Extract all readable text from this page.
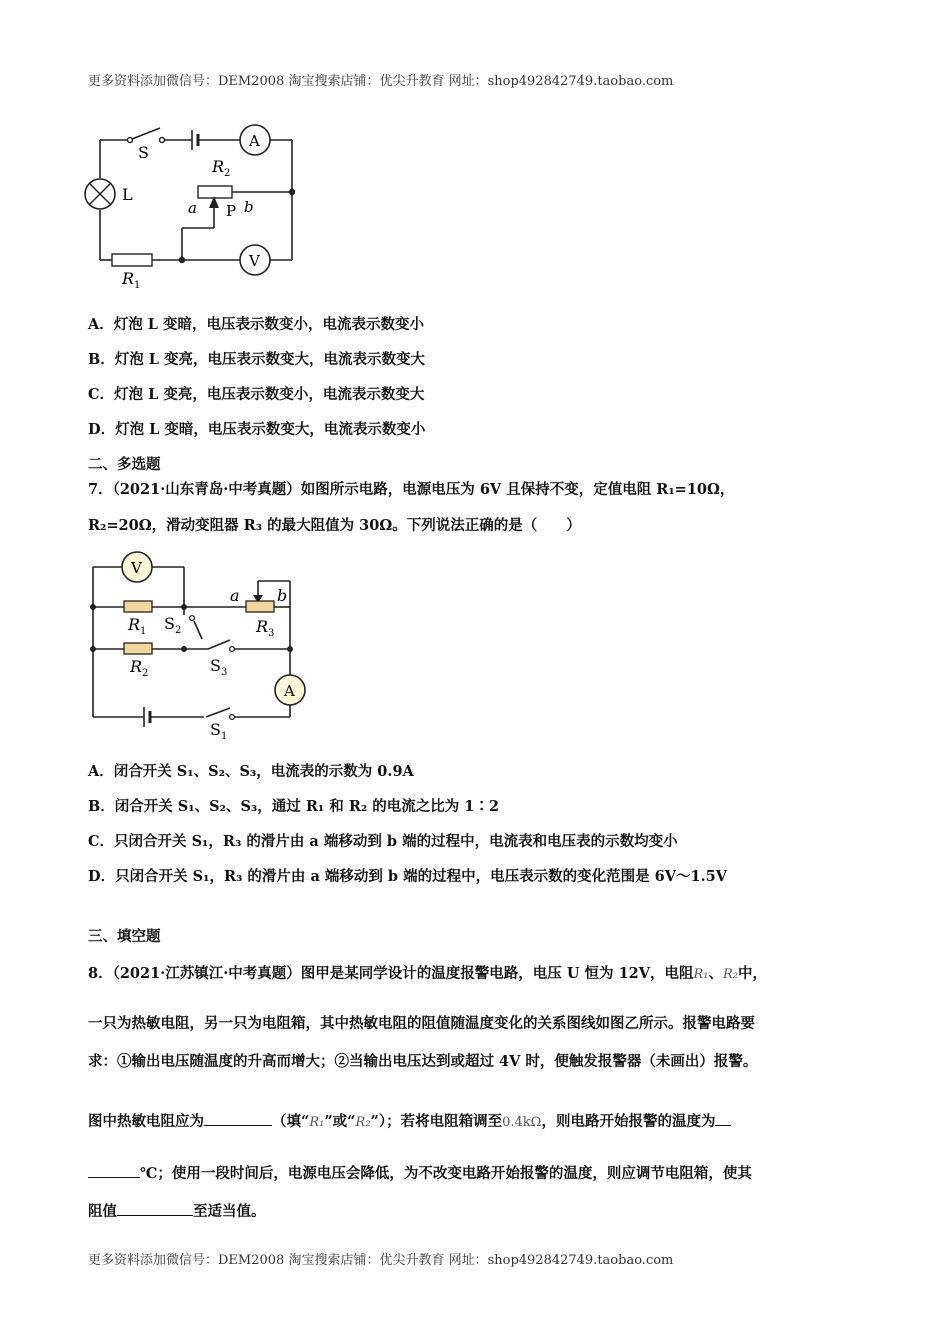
更多资料添加微信号：DEM2008 淘宝搜索店铺：优尖升教育 网址：shop492842749.taobao.com
S
A
V
L
R 2
R 1
a P b
A．灯泡 L 变暗，电压表示数变小，电流表示数变小
B．灯泡 L 变亮，电压表示数变大，电流表示数变大
C．灯泡 L 变亮，电压表示数变小，电流表示数变大
D．灯泡 L 变暗，电压表示数变大，电流表示数变小
二、多选题
7．（2021·山东青岛·中考真题）如图所示电路，电源电压为 6V 且保持不变，定值电阻 R₁=10Ω，
R₂=20Ω，滑动变阻器 R₃ 的最大阻值为 30Ω。下列说法正确的是（　　）
V
A
R 1
R 2
R 3
S 2
S 3
S 1
a b
A．闭合开关 S₁、S₂、S₃，电流表的示数为 0.9A
B．闭合开关 S₁、S₂、S₃，通过 R₁ 和 R₂ 的电流之比为 1∶2
C．只闭合开关 S₁，R₃ 的滑片由 a 端移动到 b 端的过程中，电流表和电压表的示数均变小
D．只闭合开关 S₁，R₃ 的滑片由 a 端移动到 b 端的过程中，电压表示数的变化范围是 6V～1.5V
三、填空题
8．（2021·江苏镇江·中考真题）图甲是某同学设计的温度报警电路，电压 U 恒为 12V，电阻R₁、R₂中，
一只为热敏电阻，另一只为电阻箱，其中热敏电阻的阻值随温度变化的关系图线如图乙所示。报警电路要
求：①输出电压随温度的升高而增大；②当输出电压达到或超过 4V 时，便触发报警器（未画出）报警。
图中热敏电阻应为	（填“R₁”或“R₂”）；若将电阻箱调至0.4kΩ，则电路开始报警的温度为
℃；使用一段时间后，电源电压会降低，为不改变电路开始报警的温度，则应调节电阻箱，使其
阻值	至适当值。
更多资料添加微信号：DEM2008 淘宝搜索店铺：优尖升教育 网址：shop492842749.taobao.com
